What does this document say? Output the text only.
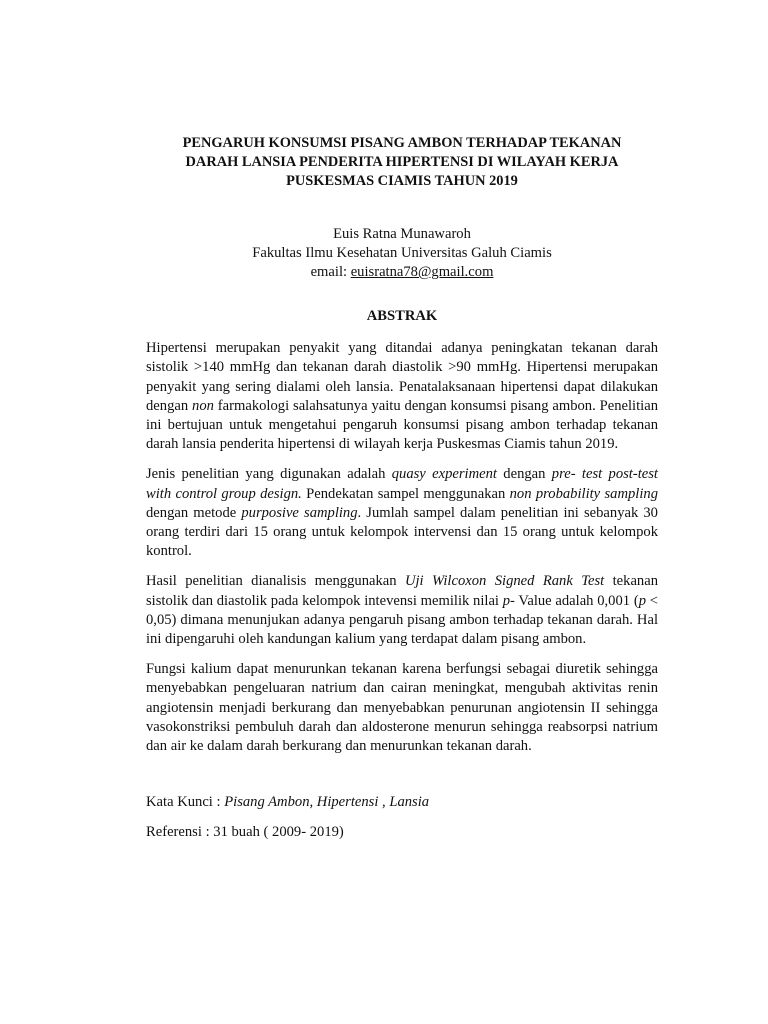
PENGARUH KONSUMSI PISANG AMBON TERHADAP TEKANAN
DARAH LANSIA PENDERITA HIPERTENSI DI WILAYAH KERJA
PUSKESMAS CIAMIS TAHUN 2019
Euis Ratna Munawaroh
Fakultas Ilmu Kesehatan Universitas Galuh Ciamis
email: euisratna78@gmail.com
ABSTRAK

Hipertensi merupakan penyakit yang ditandai adanya peningkatan tekanan darah sistolik >140 mmHg dan tekanan darah diastolik >90 mmHg. Hipertensi merupakan penyakit yang sering dialami oleh lansia. Penatalaksanaan hipertensi dapat dilakukan dengan non farmakologi salahsatunya yaitu dengan konsumsi pisang ambon. Penelitian ini bertujuan untuk mengetahui pengaruh konsumsi pisang ambon terhadap tekanan darah lansia penderita hipertensi di wilayah kerja Puskesmas Ciamis tahun 2019.

Jenis penelitian yang digunakan adalah quasy experiment dengan pre- test post-test with control group design. Pendekatan sampel menggunakan non probability sampling dengan metode purposive sampling. Jumlah sampel dalam penelitian ini sebanyak 30 orang terdiri dari 15 orang untuk kelompok intervensi dan 15 orang untuk kelompok kontrol.

Hasil penelitian dianalisis menggunakan Uji Wilcoxon Signed Rank Test tekanan sistolik dan diastolik pada kelompok intevensi memilik nilai p- Value adalah 0,001 (p < 0,05) dimana menunjukan adanya pengaruh pisang ambon terhadap tekanan darah. Hal ini dipengaruhi oleh kandungan kalium yang terdapat dalam pisang ambon.

Fungsi kalium dapat menurunkan tekanan karena berfungsi sebagai diuretik sehingga menyebabkan pengeluaran natrium dan cairan meningkat, mengubah aktivitas renin angiotensin menjadi berkurang dan menyebabkan penurunan angiotensin II sehingga vasokonstriksi pembuluh darah dan aldosterone menurun sehingga reabsorpsi natrium dan air ke dalam darah berkurang dan menurunkan tekanan darah.

Kata Kunci : Pisang Ambon, Hipertensi , Lansia

Referensi : 31 buah ( 2009- 2019)
